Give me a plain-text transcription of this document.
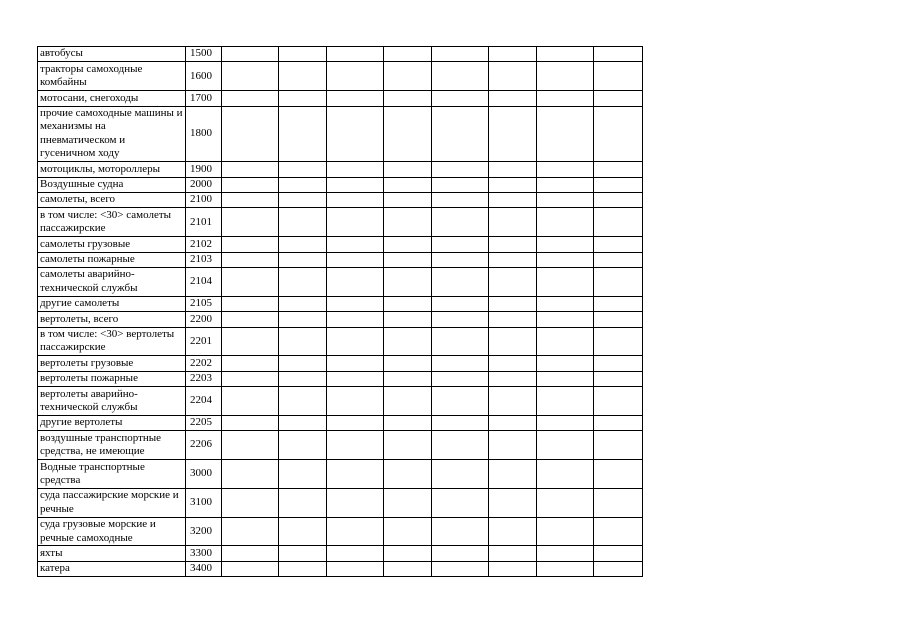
автобусы	1500								
тракторы самоходные комбайны	1600								
мотосани, снегоходы	1700								
прочие самоходные машины и механизмы на пневматическом и гусеничном ходу	1800								
мотоциклы, мотороллеры	1900								
Воздушные судна	2000								
самолеты, всего	2100								
в том числе: <30> самолеты пассажирские	2101								
самолеты грузовые	2102								
самолеты пожарные	2103								
самолеты аварийно-технической службы	2104								
другие самолеты	2105								
вертолеты, всего	2200								
в том числе: <30> вертолеты пассажирские	2201								
вертолеты грузовые	2202								
вертолеты пожарные	2203								
вертолеты аварийно-технической службы	2204								
другие вертолеты	2205								
воздушные транспортные средства, не имеющие	2206								
Водные транспортные средства	3000								
суда пассажирские морские и речные	3100								
суда грузовые морские и речные самоходные	3200								
яхты	3300								
катера	3400								
